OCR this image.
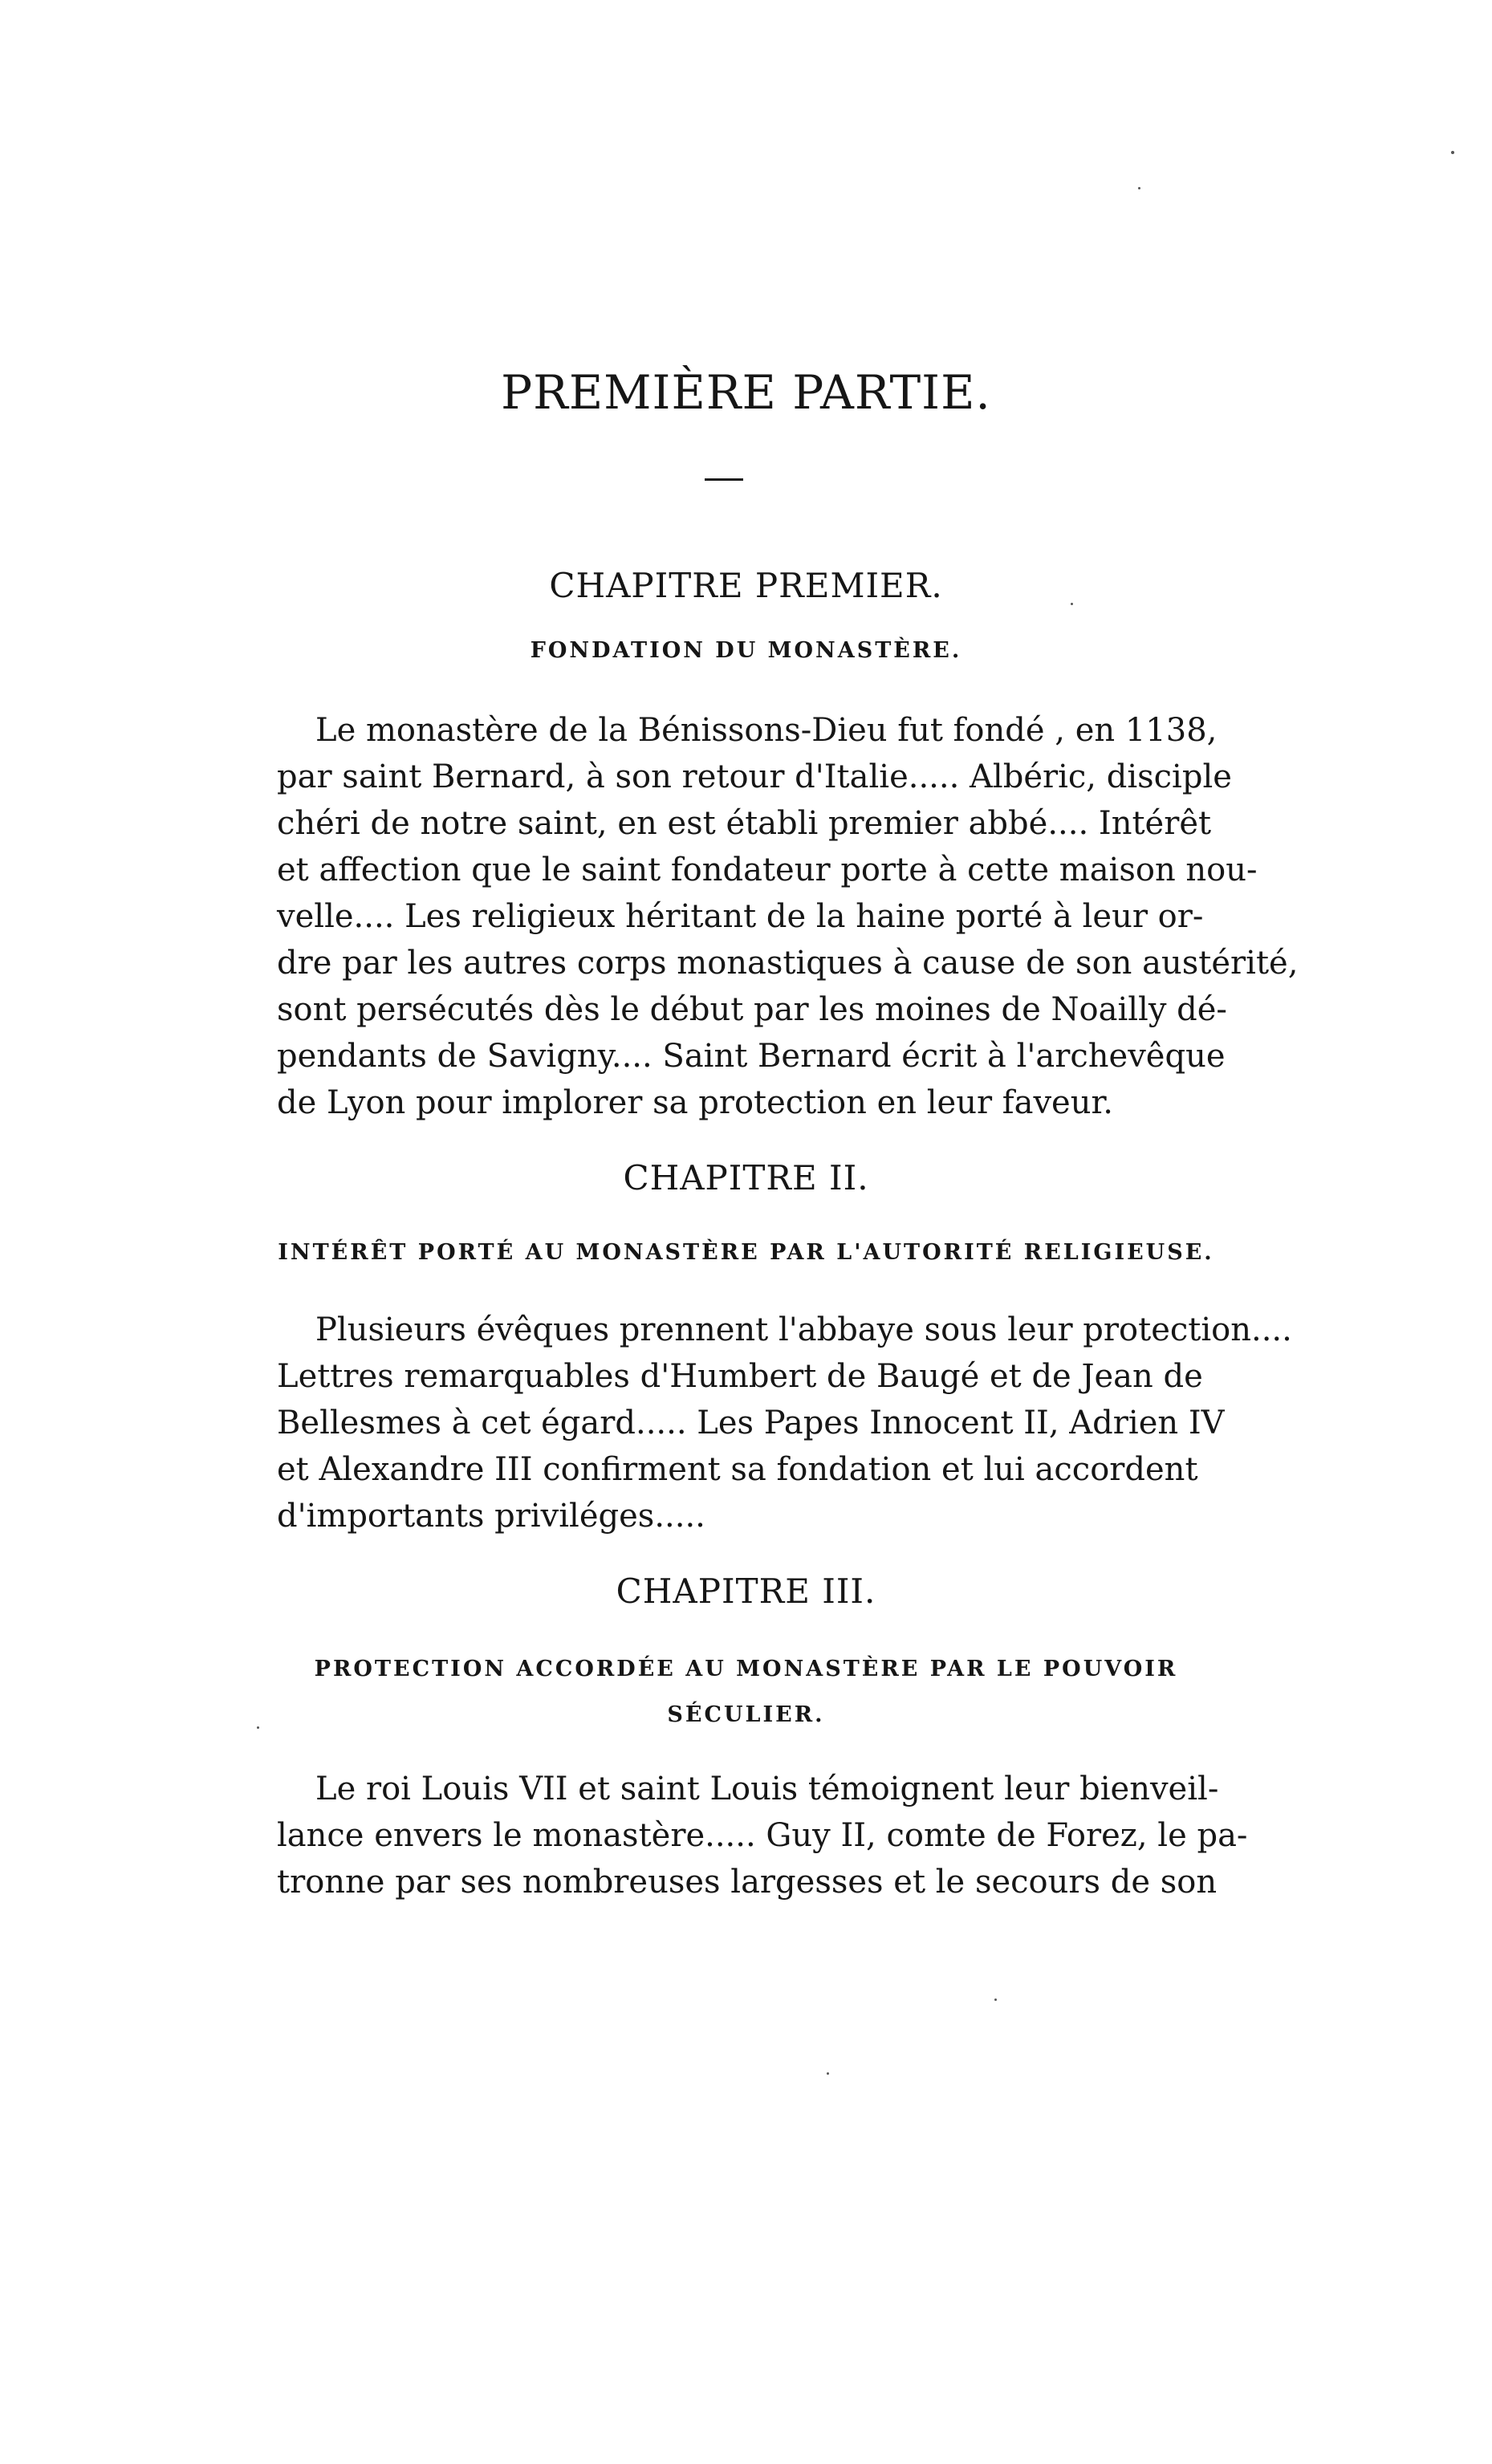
PREMIÈRE PARTIE.
CHAPITRE PREMIER.
FONDATION DU MONASTÈRE.
Le monastère de la Bénissons-Dieu fut fondé , en 1138,
par saint Bernard, à son retour d'Italie..... Albéric, disciple
chéri de notre saint, en est établi premier abbé.... Intérêt
et affection que le saint fondateur porte à cette maison nou-
velle.... Les religieux héritant de la haine porté à leur or-
dre par les autres corps monastiques à cause de son austérité,
sont persécutés dès le début par les moines de Noailly dé-
pendants de Savigny.... Saint Bernard écrit à l'archevêque
de Lyon pour implorer sa protection en leur faveur.
CHAPITRE II.
INTÉRÊT PORTÉ AU MONASTÈRE PAR L'AUTORITÉ RELIGIEUSE.
Plusieurs évêques prennent l'abbaye sous leur protection....
Lettres remarquables d'Humbert de Baugé et de Jean de
Bellesmes à cet égard..... Les Papes Innocent II, Adrien IV
et Alexandre III confirment sa fondation et lui accordent
d'importants priviléges.....
CHAPITRE III.
PROTECTION ACCORDÉE AU MONASTÈRE PAR LE POUVOIR
SÉCULIER.
Le roi Louis VII et saint Louis témoignent leur bienveil-
lance envers le monastère..... Guy II, comte de Forez, le pa-
tronne par ses nombreuses largesses et le secours de son
